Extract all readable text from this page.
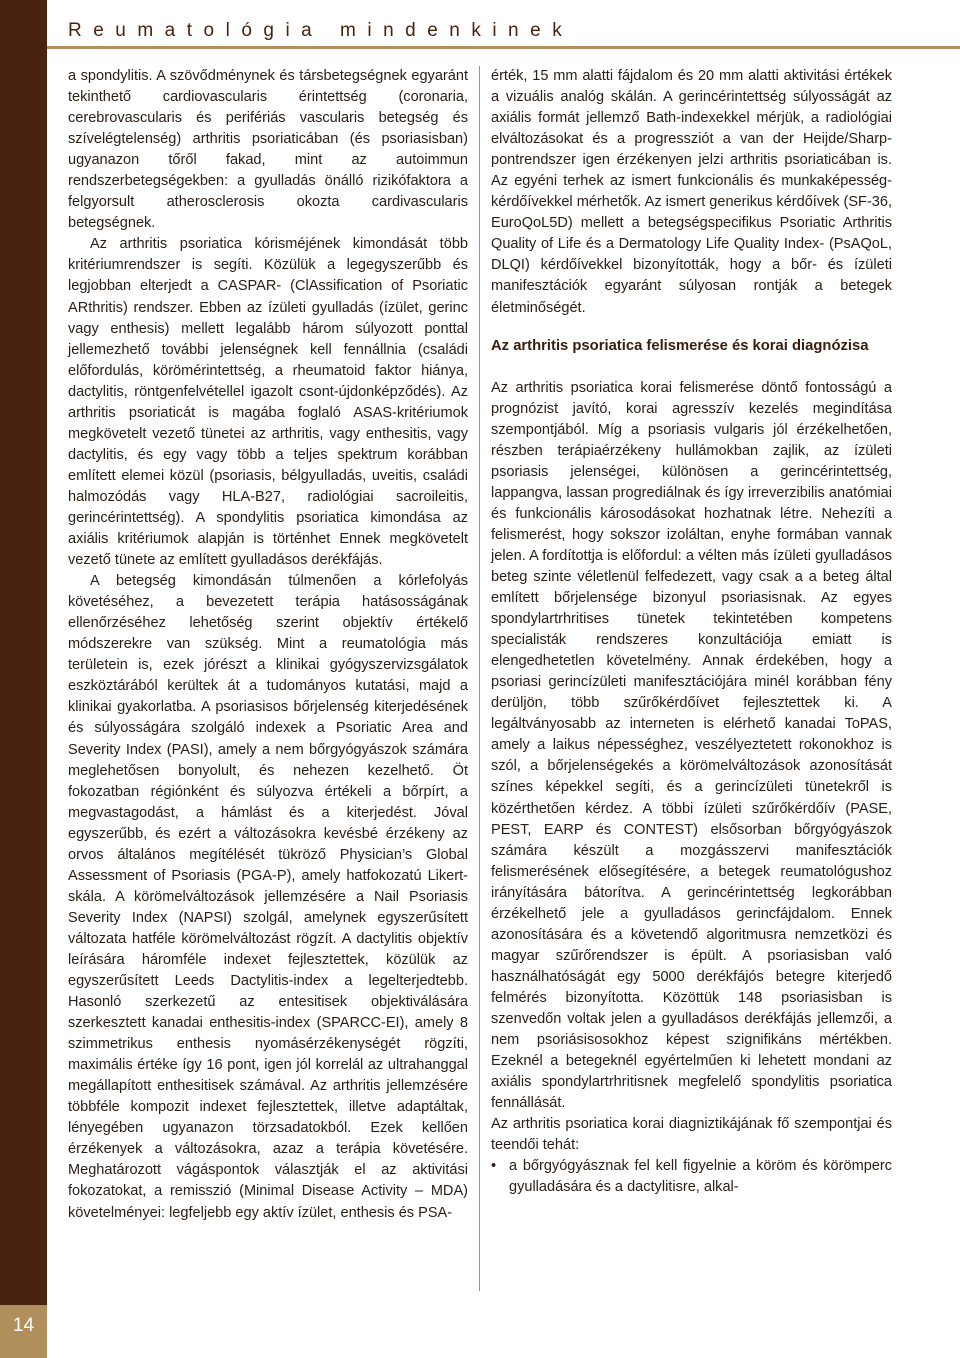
14
Reumatológia mindenkinek

a spondylitis. A szövődménynek és társbetegségnek egyaránt tekinthető cardiovascularis érintettség (coronaria, cerebrovascularis és perifériás vascularis betegség és szívelégtelenség) arthritis psoriaticában (és psoriasisban) ugyanazon tőről fakad, mint az autoimmun rendszerbetegségekben: a gyulladás önálló rizikófaktora a felgyorsult atherosclerosis okozta cardivascularis betegségnek.

Az arthritis psoriatica kórisméjének kimondását több kritériumrendszer is segíti. Közülük a legegyszerűbb és legjobban elterjedt a CASPAR- (ClAssification of Psoriatic ARthritis) rendszer. Ebben az ízületi gyulladás (ízület, gerinc vagy enthesis) mellett legalább három súlyozott ponttal jellemezhető további jelenségnek kell fennállnia (családi előfordulás, körömérintettség, a rheumatoid faktor hiánya, dactylitis, röntgenfelvétellel igazolt csont-újdonképződés). Az arthritis psoriaticát is magába foglaló ASAS-kritériumok megkövetelt vezető tünetei az arthritis, vagy enthesitis, vagy dactylitis, és egy vagy több a teljes spektrum korábban említett elemei közül (psoriasis, bélgyulladás, uveitis, családi halmozódás vagy HLA-B27, radiológiai sacroileitis, gerincérintettség). A spondylitis psoriatica kimondása az axiális kritériumok alapján is történhet Ennek megkövetelt vezető tünete az említett gyulladásos derékfájás.

A betegség kimondásán túlmenően a kórlefolyás követéséhez, a bevezetett terápia hatásosságának ellenőrzéséhez lehetőség szerint objektív értékelő módszerekre van szükség. Mint a reumatológia más területein is, ezek jórészt a klinikai gyógyszervizsgálatok eszköztárából kerültek át a tudományos kutatási, majd a klinikai gyakorlatba. A psoriasisos bőrjelenség kiterjedésének és súlyosságára szolgáló indexek a Psoriatic Area and Severity Index (PASI), amely a nem bőrgyógyászok számára meglehetősen bonyolult, és nehezen kezelhető. Öt fokozatban régiónként és súlyozva értékeli a bőrpírt, a megvastagodást, a hámlást és a kiterjedést. Jóval egyszerűbb, és ezért a változásokra kevésbé érzékeny az orvos általános megítélését tükröző Physician’s Global Assessment of Psoriasis (PGA-P), amely hatfokozatú Likert-skála. A körömelváltozások jellemzésére a Nail Psoriasis Severity Index (NAPSI) szolgál, amelynek egyszerűsített változata hatféle körömelváltozást rögzít. A dactylitis objektív leírására háromféle indexet fejlesztettek, közülük az egyszerűsített Leeds Dactylitis-index a legelterjedtebb. Hasonló szerkezetű az entesitisek objektiválására szerkesztett kanadai enthesitis-index (SPARCC-EI), amely 8 szimmetrikus enthesis nyomásérzékenységét rögzíti, maximális értéke így 16 pont, igen jól korrelál az ultrahanggal megállapított enthesitisek számával. Az arthritis jellemzésére többféle kompozit indexet fejlesztettek, illetve adaptáltak, lényegében ugyanazon törzsadatokból. Ezek kellően érzékenyek a változásokra, azaz a terápia követésére. Meghatározott vágáspontok választják el az aktivitási fokozatokat, a remisszió (Minimal Disease Activity – MDA) követelményei: legfeljebb egy aktív ízület, enthesis és PSA-

érték, 15 mm alatti fájdalom és 20 mm alatti aktivitási értékek a vizuális analóg skálán. A gerincérintettség súlyosságát az axiális formát jellemző Bath-indexekkel mérjük, a radiológiai elváltozásokat és a progressziót a van der Heijde/Sharp-pontrendszer igen érzékenyen jelzi arthritis psoriaticában is. Az egyéni terhek az ismert funkcionális és munkaképesség-kérdőívekkel mérhetők. Az ismert generikus kérdőívek (SF-36, EuroQoL5D) mellett a betegségspecifikus Psoriatic Arthritis Quality of Life és a Dermatology Life Quality Index- (PsAQoL, DLQI) kérdőívekkel bizonyították, hogy a bőr- és ízületi manifesztációk egyaránt súlyosan rontják a betegek életminőségét.

Az arthritis psoriatica felismerése és korai diagnózisa

Az arthritis psoriatica korai felismerése döntő fontosságú a prognózist javító, korai agresszív kezelés megindítása szempontjából. Míg a psoriasis vulgaris jól érzékelhetően, részben terápiaérzékeny hullámokban zajlik, az ízületi psoriasis jelenségei, különösen a gerincérintettség, lappangva, lassan progrediálnak és így irreverzibilis anatómiai és funkcionális károsodásokat hozhatnak létre. Nehezíti a felismerést, hogy sokszor izoláltan, enyhe formában vannak jelen. A fordítottja is előfordul: a vélten más ízületi gyulladásos beteg szinte véletlenül felfedezett, vagy csak a a beteg által említett bőrjelensége bizonyul psoriasisnak. Az egyes spondylartrhritises tünetek tekintetében kompetens specialisták rendszeres konzultációja emiatt is elengedhetetlen követelmény. Annak érdekében, hogy a psoriasi gerincízületi manifesztációjára minél korábban fény derüljön, több szűrőkérdőívet fejlesztettek ki. A legáltványosabb az interneten is elérhető kanadai ToPAS, amely a laikus népességhez, veszélyeztetett rokonokhoz is szól, a bőrjelenségekés a körömelváltozások azonosítását színes képekkel segíti, és a gerincízületi tünetekről is közérthetően kérdez. A többi ízületi szűrőkérdőív (PASE, PEST, EARP és CONTEST) elsősorban bőrgyógyászok számára készült a mozgásszervi manifesztációk felismerésének elősegítésére, a betegek reumatológushoz irányítására bátorítva. A gerincérintettség legkorábban érzékelhető jele a gyulladásos gerincfájdalom. Ennek azonosítására és a követendő algoritmusra nemzetközi és magyar szűrőrendszer is épült. A psoriasisban való használhatóságát egy 5000 derékfájós betegre kiterjedő felmérés bizonyította. Közöttük 148 psoriasisban is szenvedőn voltak jelen a gyulladásos derékfájás jellemzői, a nem psoriásisosokhoz képest szignifikáns mértékben. Ezeknél a betegeknél egyértelműen ki lehetett mondani az axiális spondylartrhritisnek megfelelő spondylitis psoriatica fennállását.

Az arthritis psoriatica korai diagniztikájának fő szempontjai és teendői tehát:

• a bőrgyógyásznak fel kell figyelnie a köröm és körömperc gyulladására és a dactylitisre, alkal-
